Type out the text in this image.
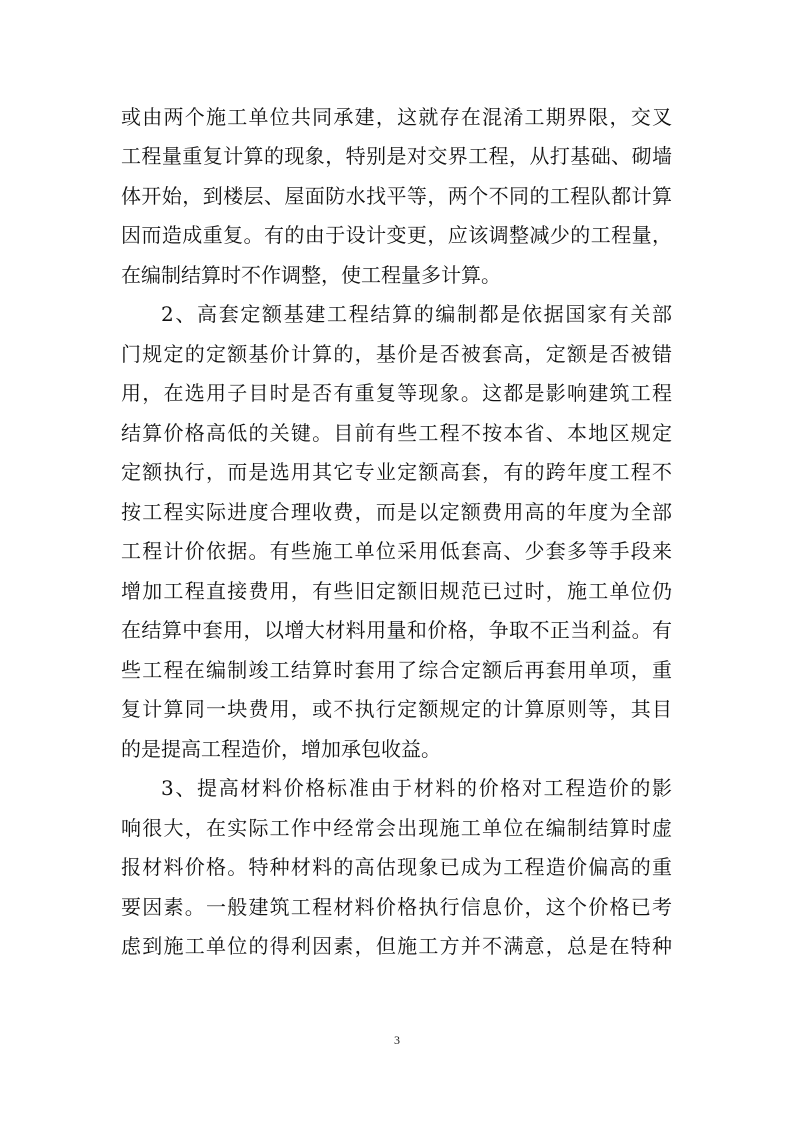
或由两个施工单位共同承建，这就存在混淆工期界限，交叉
工程量重复计算的现象，特别是对交界工程，从打基础、砌墙
体开始，到楼层、屋面防水找平等，两个不同的工程队都计算
因而造成重复。有的由于设计变更，应该调整减少的工程量，
在编制结算时不作调整，使工程量多计算。
2、高套定额基建工程结算的编制都是依据国家有关部
门规定的定额基价计算的，基价是否被套高，定额是否被错
用，在选用子目时是否有重复等现象。这都是影响建筑工程
结算价格高低的关键。目前有些工程不按本省、本地区规定
定额执行，而是选用其它专业定额高套，有的跨年度工程不
按工程实际进度合理收费，而是以定额费用高的年度为全部
工程计价依据。有些施工单位采用低套高、少套多等手段来
增加工程直接费用，有些旧定额旧规范已过时，施工单位仍
在结算中套用，以增大材料用量和价格，争取不正当利益。有
些工程在编制竣工结算时套用了综合定额后再套用单项，重
复计算同一块费用，或不执行定额规定的计算原则等，其目
的是提高工程造价，增加承包收益。
3、提高材料价格标准由于材料的价格对工程造价的影
响很大，在实际工作中经常会出现施工单位在编制结算时虚
报材料价格。特种材料的高估现象已成为工程造价偏高的重
要因素。一般建筑工程材料价格执行信息价，这个价格已考
虑到施工单位的得利因素，但施工方并不满意，总是在特种
3
